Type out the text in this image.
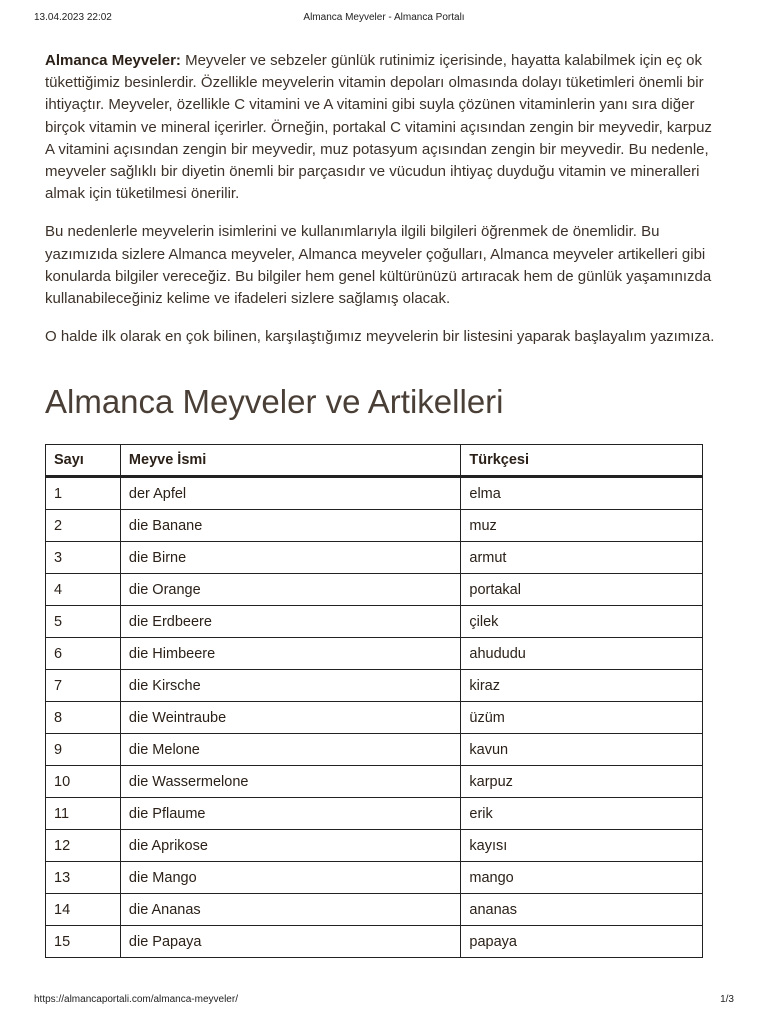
13.04.2023 22:02	Almanca Meyveler - Almanca Portalı

Almanca Meyveler: Meyveler ve sebzeler günlük rutinimiz içerisinde, hayatta kalabilmek için eç ok tükettiğimiz besinlerdir. Özellikle meyvelerin vitamin depoları olmasında dolayı tüketimleri önemli bir ihtiyaçtır. Meyveler, özellikle C vitamini ve A vitamini gibi suyla çözünen vitaminlerin yanı sıra diğer birçok vitamin ve mineral içerirler. Örneğin, portakal C vitamini açısından zengin bir meyvedir, karpuz A vitamini açısından zengin bir meyvedir, muz potasyum açısından zengin bir meyvedir. Bu nedenle, meyveler sağlıklı bir diyetin önemli bir parçasıdır ve vücudun ihtiyaç duyduğu vitamin ve mineralleri almak için tüketilmesi önerilir.

Bu nedenlerle meyvelerin isimlerini ve kullanımlarıyla ilgili bilgileri öğrenmek de önemlidir. Bu yazımızıda sizlere Almanca meyveler, Almanca meyveler çoğulları, Almanca meyveler artikelleri gibi konularda bilgiler vereceğiz. Bu bilgiler hem genel kültürünüzü artıracak hem de günlük yaşamınızda kullanabileceğiniz kelime ve ifadeleri sizlere sağlamış olacak.

O halde ilk olarak en çok bilinen, karşılaştığımız meyvelerin bir listesini yaparak başlayalım yazımıza.

Almanca Meyveler ve Artikelleri
Sayı	Meyve İsmi	Türkçesi
1	der Apfel	elma
2	die Banane	muz
3	die Birne	armut
4	die Orange	portakal
5	die Erdbeere	çilek
6	die Himbeere	ahududu
7	die Kirsche	kiraz
8	die Weintraube	üzüm
9	die Melone	kavun
10	die Wassermelone	karpuz
11	die Pflaume	erik
12	die Aprikose	kayısı
13	die Mango	mango
14	die Ananas	ananas
15	die Papaya	papaya
https://almancaportali.com/almanca-meyveler/	1/3
